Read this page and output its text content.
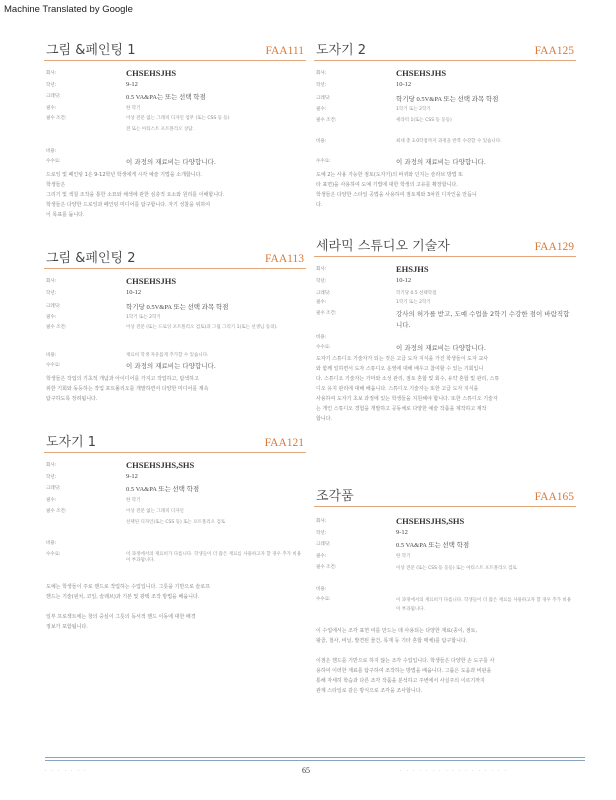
Machine Translated by Google
그림 &페인팅 1	FAA111
회사:	CHSEHSJHS
학년:	9-12
크레딧:	0.5 VA&PA는 또는 선택 학점
필수:	한 학기
필수 조건:	이상 전문 없는 그래픽 디자인 업무 (또는 CSS 등 등)
전 또는 아티스트 포트폴리오 상담.
비용:
수수료:	이 과정의 재료비는 다양합니다.
드로잉 및 페인팅 1은 9-12학년 학생에게 시각 예술 기법을 소개합니다.
학생들은
그리기 및 색칠 조작을 통한 소묘와 채색에 관한 심층적 요소와 원리를 이해합니다.
학생들은 다양한 드로잉과 페인팅 미디어를 탐구합니다. 자기 성찰을 위하여
이 목표를 둡니다.
그림 &페인팅 2	FAA113
회사:	CHSEHSJHS
학년:	10-12
크레딧:	학기당 0.5V&PA 또는 선택 과목 학점
필수:	1학기 또는 2학기
필수 조건:	이상 전문 (또는 드로잉 포트폴리오 검토)과 그림 그리기 1(또는 선생님 동의).
비용:	재료비 학생 자유롭게 추가할 수 있습니다.
수수료:	이 과정의 재료비는 다양합니다.
학생들은 작업의 기초적 개념과 아이디어를 가지고 작업하고, 탐색하고
위한 기회와 동등하는 작업 포트폴리오를 개발하면서 다양한 미디어를 계속
탐구하도록 장려됩니다.
도자기 1	FAA121
회사:	CHSEHSJHS,SHS
학년:	9-12
크레딧:	0.5 VA&PA 또는 선택 학점
필수:	한 학기
필수 조건:	이상 전문 없는 그래픽 디자인
선택된 디자인(또는 CSS 등) 또는 포트폴리오 검토
비용:
수수료:	이 과정에서의 재료비가 다릅니다. 학생들이 더 많은 재료를 사용하고자 할 경우 추가 비용이 부과됩니다.
도예는 학생들이 주로 핸드로 작업하는 수업입니다. 그릇을 기반으로 슬로프
핸드는 기술(핀치, 코일, 슬래브)과 기본 및 광택 조작 방법을 배웁니다.
일부 프로젝트에는 창의 중심이 그릇의 독서적 핸드 이동에 대한 배경
정보가 포함됩니다.
도자기 2	FAA125
회사:	CHSEHSJHS
학년:	10-12
크레딧:	학기당 0.5V&PA 또는 선택 과목 학점
필수:	1학기 또는 2학기
필수 조건:	세라믹 1(또는 CSS 등 동등)
비용:	최대 총 3.0학점까지 과정을 반복 수강할 수 있습니다.
수수료:	이 과정의 재료비는 다양합니다.
도예 2는 사용 가능한 점토(도자기)의 바퀴와 던지는 슬라브 방법 또
타 표면)을 사용하여 도예 기법에 대한 학생의 고유를 확장합니다.
학생들은 다양한 스타일 공법을 사용하여 점토제와 3차원 디자인을 만듭니
다.
세라믹 스튜디오 기술자	FAA129
회사:	EHSJHS
학년:	10-12
크레딧:	학기당 0.5 선택학점
필수:	1학기 또는 2학기
필수 조건:	강사의 허가를 받고, 도예 수업을 2학기 수강한 점이 바람직합니다.
비용:
수수료:	이 과정의 재료비는 다양합니다.
도자기 스튜디오 기술자가 되는 것은 고급 도자 지식을 가진 학생들이 도자 교사
와 함께 일하면서 도자 스튜디오 운영에 대해 배우고 참여할 수 있는 기회입니
다. 스튜디오 기술자는 가마와 소성 관리, 점토 혼합 및 회수, 유약 혼합 및 관리, 스튜
디오 유지 관리에 대해 배웁니다. 스튜디오 기술자는 또한 고급 도자 지식을
사용하여 도자기 초보 과정에 있는 학생들을 지원해야 합니다. 또한 스튜디오 기술자
는 개인 스튜디오 경험을 개발하고 공동체로 다양한 예술 작품을 제작하고 제작
합니다.
조각품	FAA165
회사:	CHSEHSJHS,SHS
학년:	9-12
크레딧:	0.5 VA&PA 또는 선택 학점
필수:	한 학기
필수 조건:	이상 전문 (또는 CSS 등 동등) 또는 아티스트 포트폴리오 검토
비용:
수수료:	이 과정에서의 재료비가 다릅니다. 학생들이 더 많은 재료를 사용하고자 할 경우 추가 비용이 부과됩니다.
이 수업에서는 조각 표면 여를 만드는 데 사용되는 다양한 재료(종이, 점토,
왕골, 철사, 비닐, 발견된 물건, 목재 등 기타 혼합 매체)를 탐구합니다.
이점은 핸드를 기반으로 하지 않는 조각 수업입니다. 학생들은 다양한 손 도구를 사
용하여 이러한 재료를 탐구하여 조작하는 방법을 배웁니다. 그룹은 도움과 비판을
통해 자세히 학습과 다른 조각 작품을 분석하고 주변에서 사실주의 이르기까지
관계 스타일로 같은 방식으로 조각을 조사합니다.
· · · · · · ·	65	· · · · · · · · · · · · · · · · ·
